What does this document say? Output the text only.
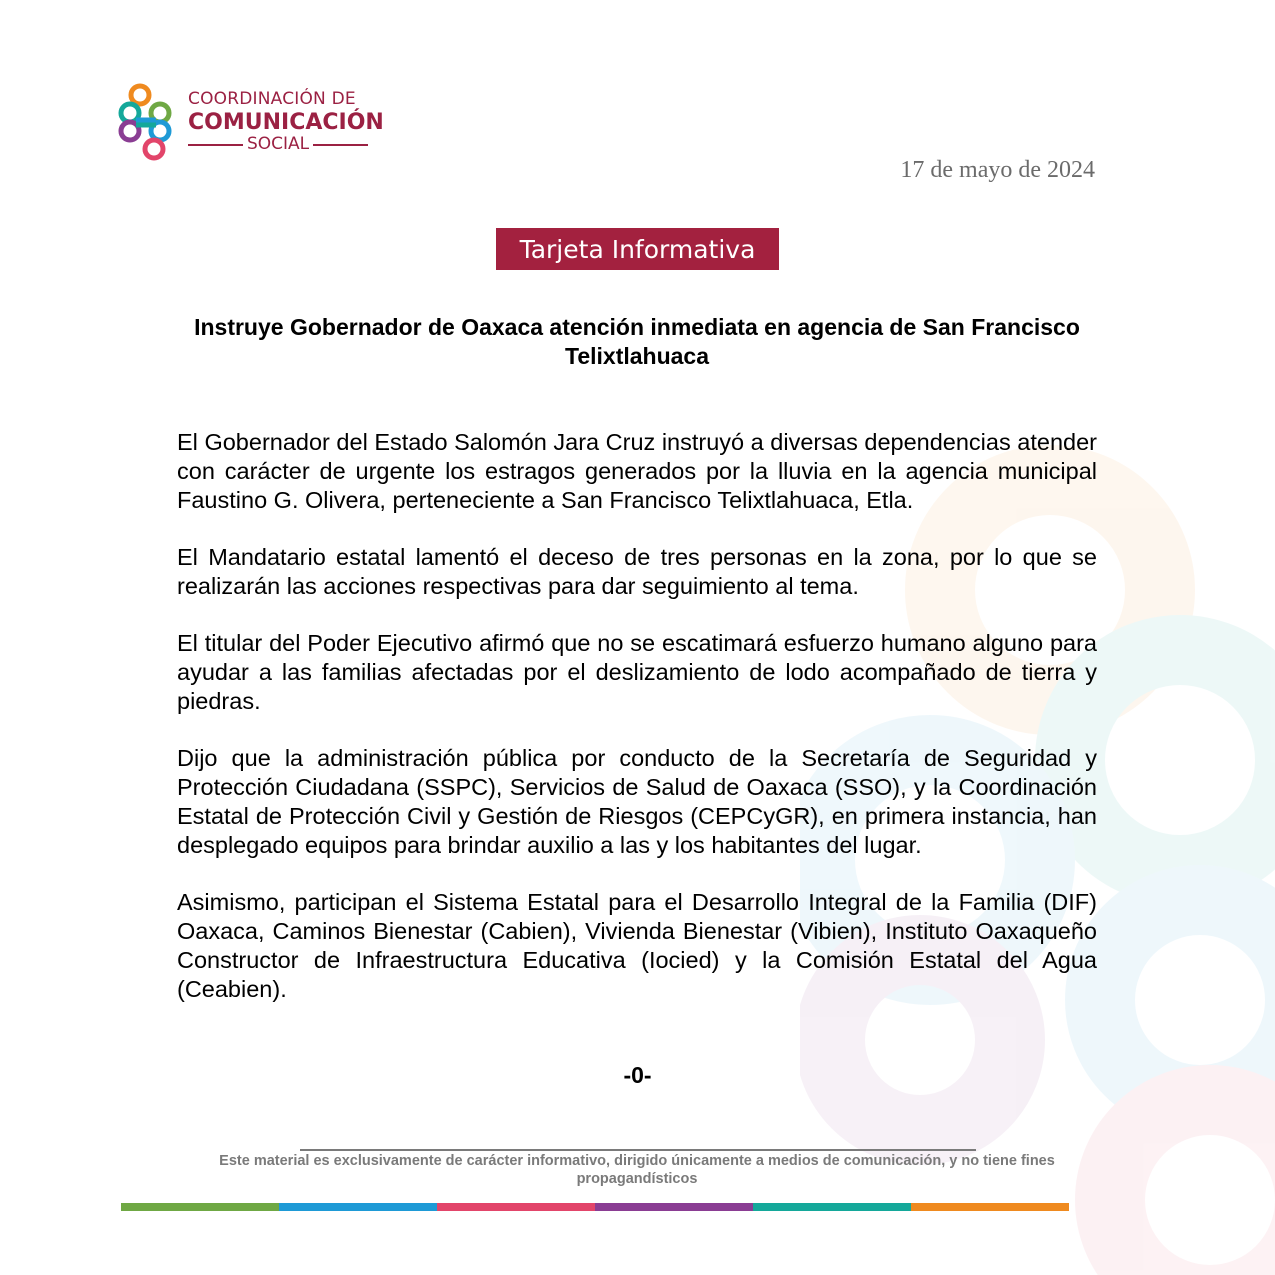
COORDINACIÓN DE
COMUNICACIÓN
SOCIAL
17 de mayo de 2024
Tarjeta Informativa
Instruye Gobernador de Oaxaca atención inmediata en agencia de San Francisco Telixtlahuaca

El Gobernador del Estado Salomón Jara Cruz instruyó a diversas dependencias atender con carácter de urgente los estragos generados por la lluvia en la agencia municipal Faustino G. Olivera, perteneciente a San Francisco Telixtlahuaca, Etla.

El Mandatario estatal lamentó el deceso de tres personas en la zona, por lo que se realizarán las acciones respectivas para dar seguimiento al tema.

El titular del Poder Ejecutivo afirmó que no se escatimará esfuerzo humano alguno para ayudar a las familias afectadas por el deslizamiento de lodo acompañado de tierra y piedras.

Dijo que la administración pública por conducto de la Secretaría de Seguridad y Protección Ciudadana (SSPC), Servicios de Salud de Oaxaca (SSO), y la Coordinación Estatal de Protección Civil y Gestión de Riesgos (CEPCyGR), en primera instancia, han desplegado equipos para brindar auxilio a las y los habitantes del lugar.

Asimismo, participan el Sistema Estatal para el Desarrollo Integral de la Familia (DIF) Oaxaca, Caminos Bienestar (Cabien), Vivienda Bienestar (Vibien), Instituto Oaxaqueño Constructor de Infraestructura Educativa (Iocied) y la Comisión Estatal del Agua (Ceabien).

-0-
Este material es exclusivamente de carácter informativo, dirigido únicamente a medios de comunicación, y no tiene fines propagandísticos
